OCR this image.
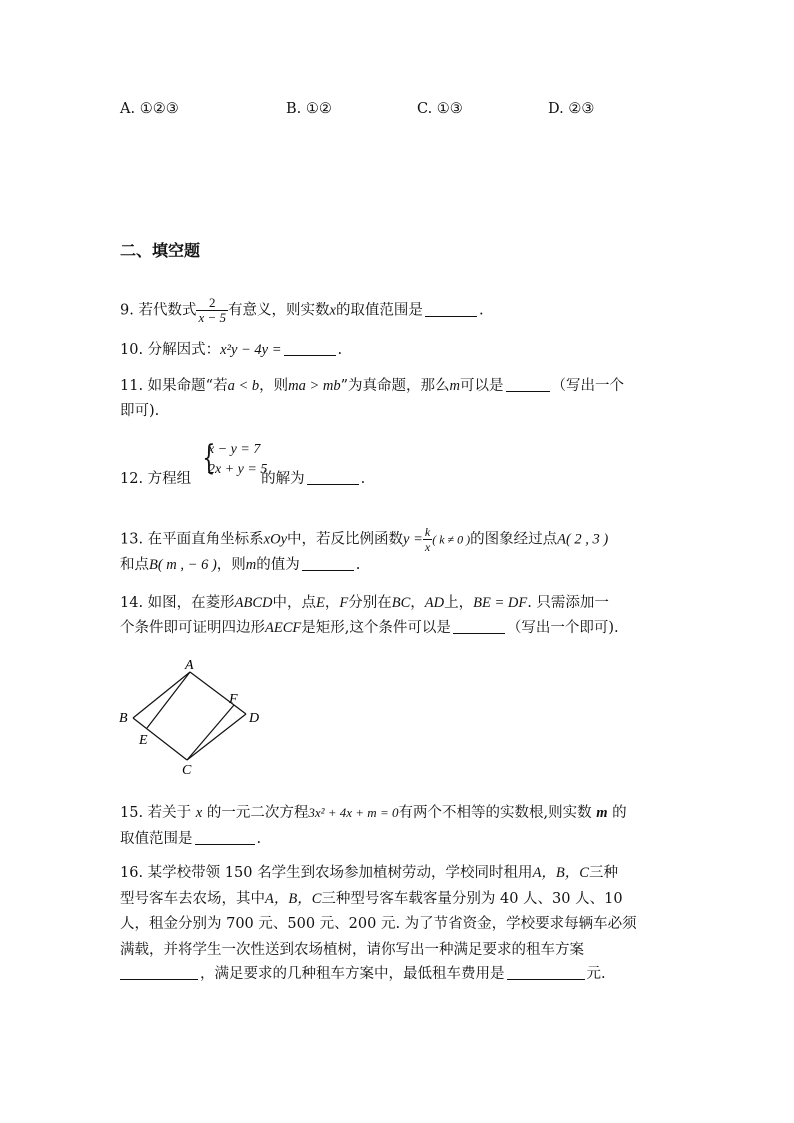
A. ①②③	B. ①②	C. ①③	D. ②③
二、填空题
9. 若代数式 $\frac{2}{x - 5}$ 有意义，则实数x的取值范围是	.
10. 分解因式：x²y − 4y =	.
11. 如果命题“若a < b，则ma > mb”为真命题，那么m可以是	（写出一个
即可).
{
x − y = 7
2x + y = 5
12. 方程组	的解为	.
13. 在平面直角坐标系xOy中，若反比例函数$y = \frac{k}{x}$ ( k ≠ 0 )的图象经过点A( 2 , 3 )
和点B( m , − 6 )，则m的值为	.
14. 如图，在菱形ABCD中，点E，F分别在BC，AD上，BE = DF. 只需添加一
个条件即可证明四边形AECF是矩形,这个条件可以是	（写出一个即可).
A
B
C
D
E
F
15. 若关于 x 的一元二次方程3x² + 4x + m = 0有两个不相等的实数根,则实数 m 的
取值范围是	.
16. 某学校带领 150 名学生到农场参加植树劳动，学校同时租用A，B，C三种
型号客车去农场，其中A，B，C三种型号客车载客量分别为 40 人、30 人、10
人，租金分别为 700 元、500 元、200 元. 为了节省资金，学校要求每辆车必须
满载，并将学生一次性送到农场植树，请你写出一种满足要求的租车方案
，满足要求的几种租车方案中，最低租车费用是	元.
